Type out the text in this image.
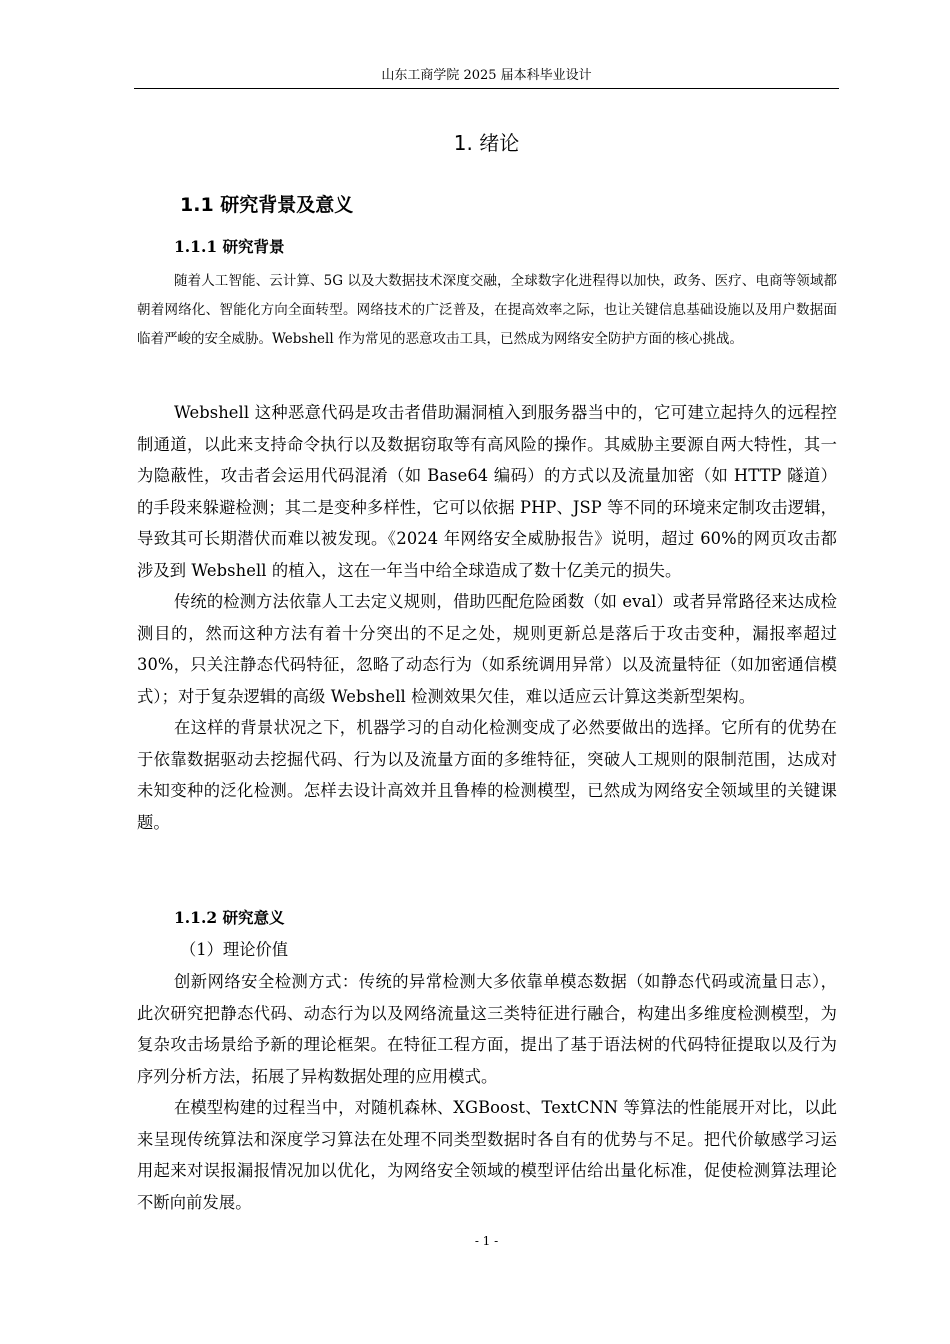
山东工商学院 2025 届本科毕业设计
1. 绪论
1.1 研究背景及意义
1.1.1 研究背景

随着人工智能、云计算、5G 以及大数据技术深度交融，全球数字化进程得以加快，政务、医疗、电商等领域都朝着网络化、智能化方向全面转型。网络技术的广泛普及，在提高效率之际，也让关键信息基础设施以及用户数据面临着严峻的安全威胁。Webshell 作为常见的恶意攻击工具，已然成为网络安全防护方面的核心挑战。

Webshell 这种恶意代码是攻击者借助漏洞植入到服务器当中的，它可建立起持久的远程控制通道，以此来支持命令执行以及数据窃取等有高风险的操作。其威胁主要源自两大特性，其一为隐蔽性，攻击者会运用代码混淆（如 Base64 编码）的方式以及流量加密（如 HTTP 隧道）的手段来躲避检测；其二是变种多样性，它可以依据 PHP、JSP 等不同的环境来定制攻击逻辑，导致其可长期潜伏而难以被发现。《2024 年网络安全威胁报告》说明，超过 60%的网页攻击都涉及到 Webshell 的植入，这在一年当中给全球造成了数十亿美元的损失。

传统的检测方法依靠人工去定义规则，借助匹配危险函数（如 eval）或者异常路径来达成检测目的，然而这种方法有着十分突出的不足之处，规则更新总是落后于攻击变种，漏报率超过 30%，只关注静态代码特征，忽略了动态行为（如系统调用异常）以及流量特征（如加密通信模式）；对于复杂逻辑的高级 Webshell 检测效果欠佳，难以适应云计算这类新型架构。

在这样的背景状况之下，机器学习的自动化检测变成了必然要做出的选择。它所有的优势在于依靠数据驱动去挖掘代码、行为以及流量方面的多维特征，突破人工规则的限制范围，达成对未知变种的泛化检测。怎样去设计高效并且鲁棒的检测模型，已然成为网络安全领域里的关键课题。

1.1.2 研究意义
（1）理论价值

创新网络安全检测方式：传统的异常检测大多依靠单模态数据（如静态代码或流量日志），此次研究把静态代码、动态行为以及网络流量这三类特征进行融合，构建出多维度检测模型，为复杂攻击场景给予新的理论框架。在特征工程方面，提出了基于语法树的代码特征提取以及行为序列分析方法，拓展了异构数据处理的应用模式。

在模型构建的过程当中，对随机森林、XGBoost、TextCNN 等算法的性能展开对比，以此来呈现传统算法和深度学习算法在处理不同类型数据时各自有的优势与不足。把代价敏感学习运用起来对误报漏报情况加以优化，为网络安全领域的模型评估给出量化标准，促使检测算法理论不断向前发展。

- 1 -
